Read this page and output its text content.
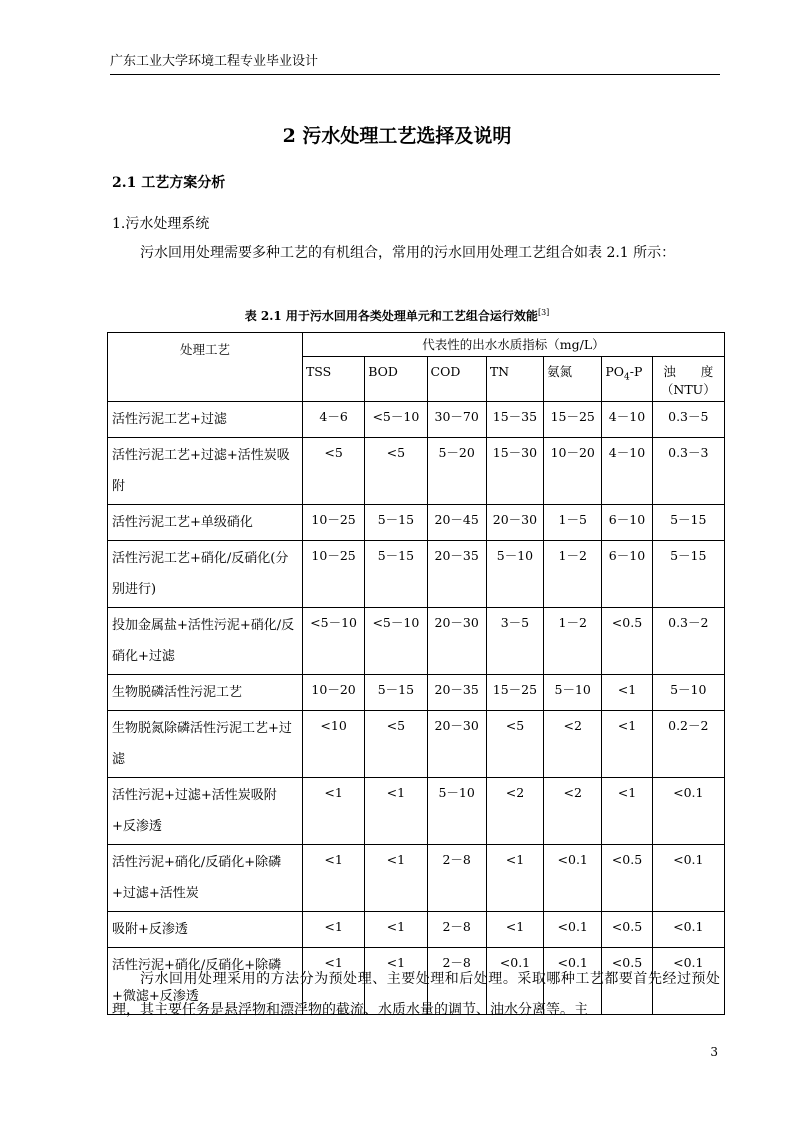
广东工业大学环境工程专业毕业设计
2 污水处理工艺选择及说明
2.1 工艺方案分析
1.污水处理系统
污水回用处理需要多种工艺的有机组合，常用的污水回用处理工艺组合如表 2.1 所示：
表 2.1 用于污水回用各类处理单元和工艺组合运行效能[3]
处理工艺	代表性的出水水质指标（mg/L）						
	TSS	BOD	COD	TN	氨氮	$PO_4-P$	浊　　度
（NTU）

活性污泥工艺+过滤	4－6	<5－10	30－70	15－35	15－25	4－10	0.3－5
活性污泥工艺+过滤+活性炭吸附	<5	<5	5－20	15－30	10－20	4－10	0.3－3
活性污泥工艺+单级硝化	10－25	5－15	20－45	20－30	1－5	6－10	5－15
活性污泥工艺+硝化/反硝化(分别进行)	10－25	5－15	20－35	5－10	1－2	6－10	5－15
投加金属盐+活性污泥+硝化/反硝化+过滤	<5－10	<5－10	20－30	3－5	1－2	<0.5	0.3－2
生物脱磷活性污泥工艺	10－20	5－15	20－35	15－25	5－10	<1	5－10
生物脱氮除磷活性污泥工艺+过滤	<10	<5	20－30	<5	<2	<1	0.2－2
活性污泥+过滤+活性炭吸附+反渗透	<1	<1	5－10	<2	<2	<1	<0.1
活性污泥+硝化/反硝化+除磷+过滤+活性炭	<1	<1	2－8	<1	<0.1	<0.5	<0.1
吸附+反渗透	<1	<1	2－8	<1	<0.1	<0.5	<0.1
活性污泥+硝化/反硝化+除磷+微滤+反渗透	<1	<1	2－8	<0.1	<0.1	<0.5	<0.1
污水回用处理采用的方法分为预处理、主要处理和后处理。采取哪种工艺都要首先经过预处理，其主要任务是悬浮物和漂浮物的截流、水质水量的调节、油水分离等。主
3
